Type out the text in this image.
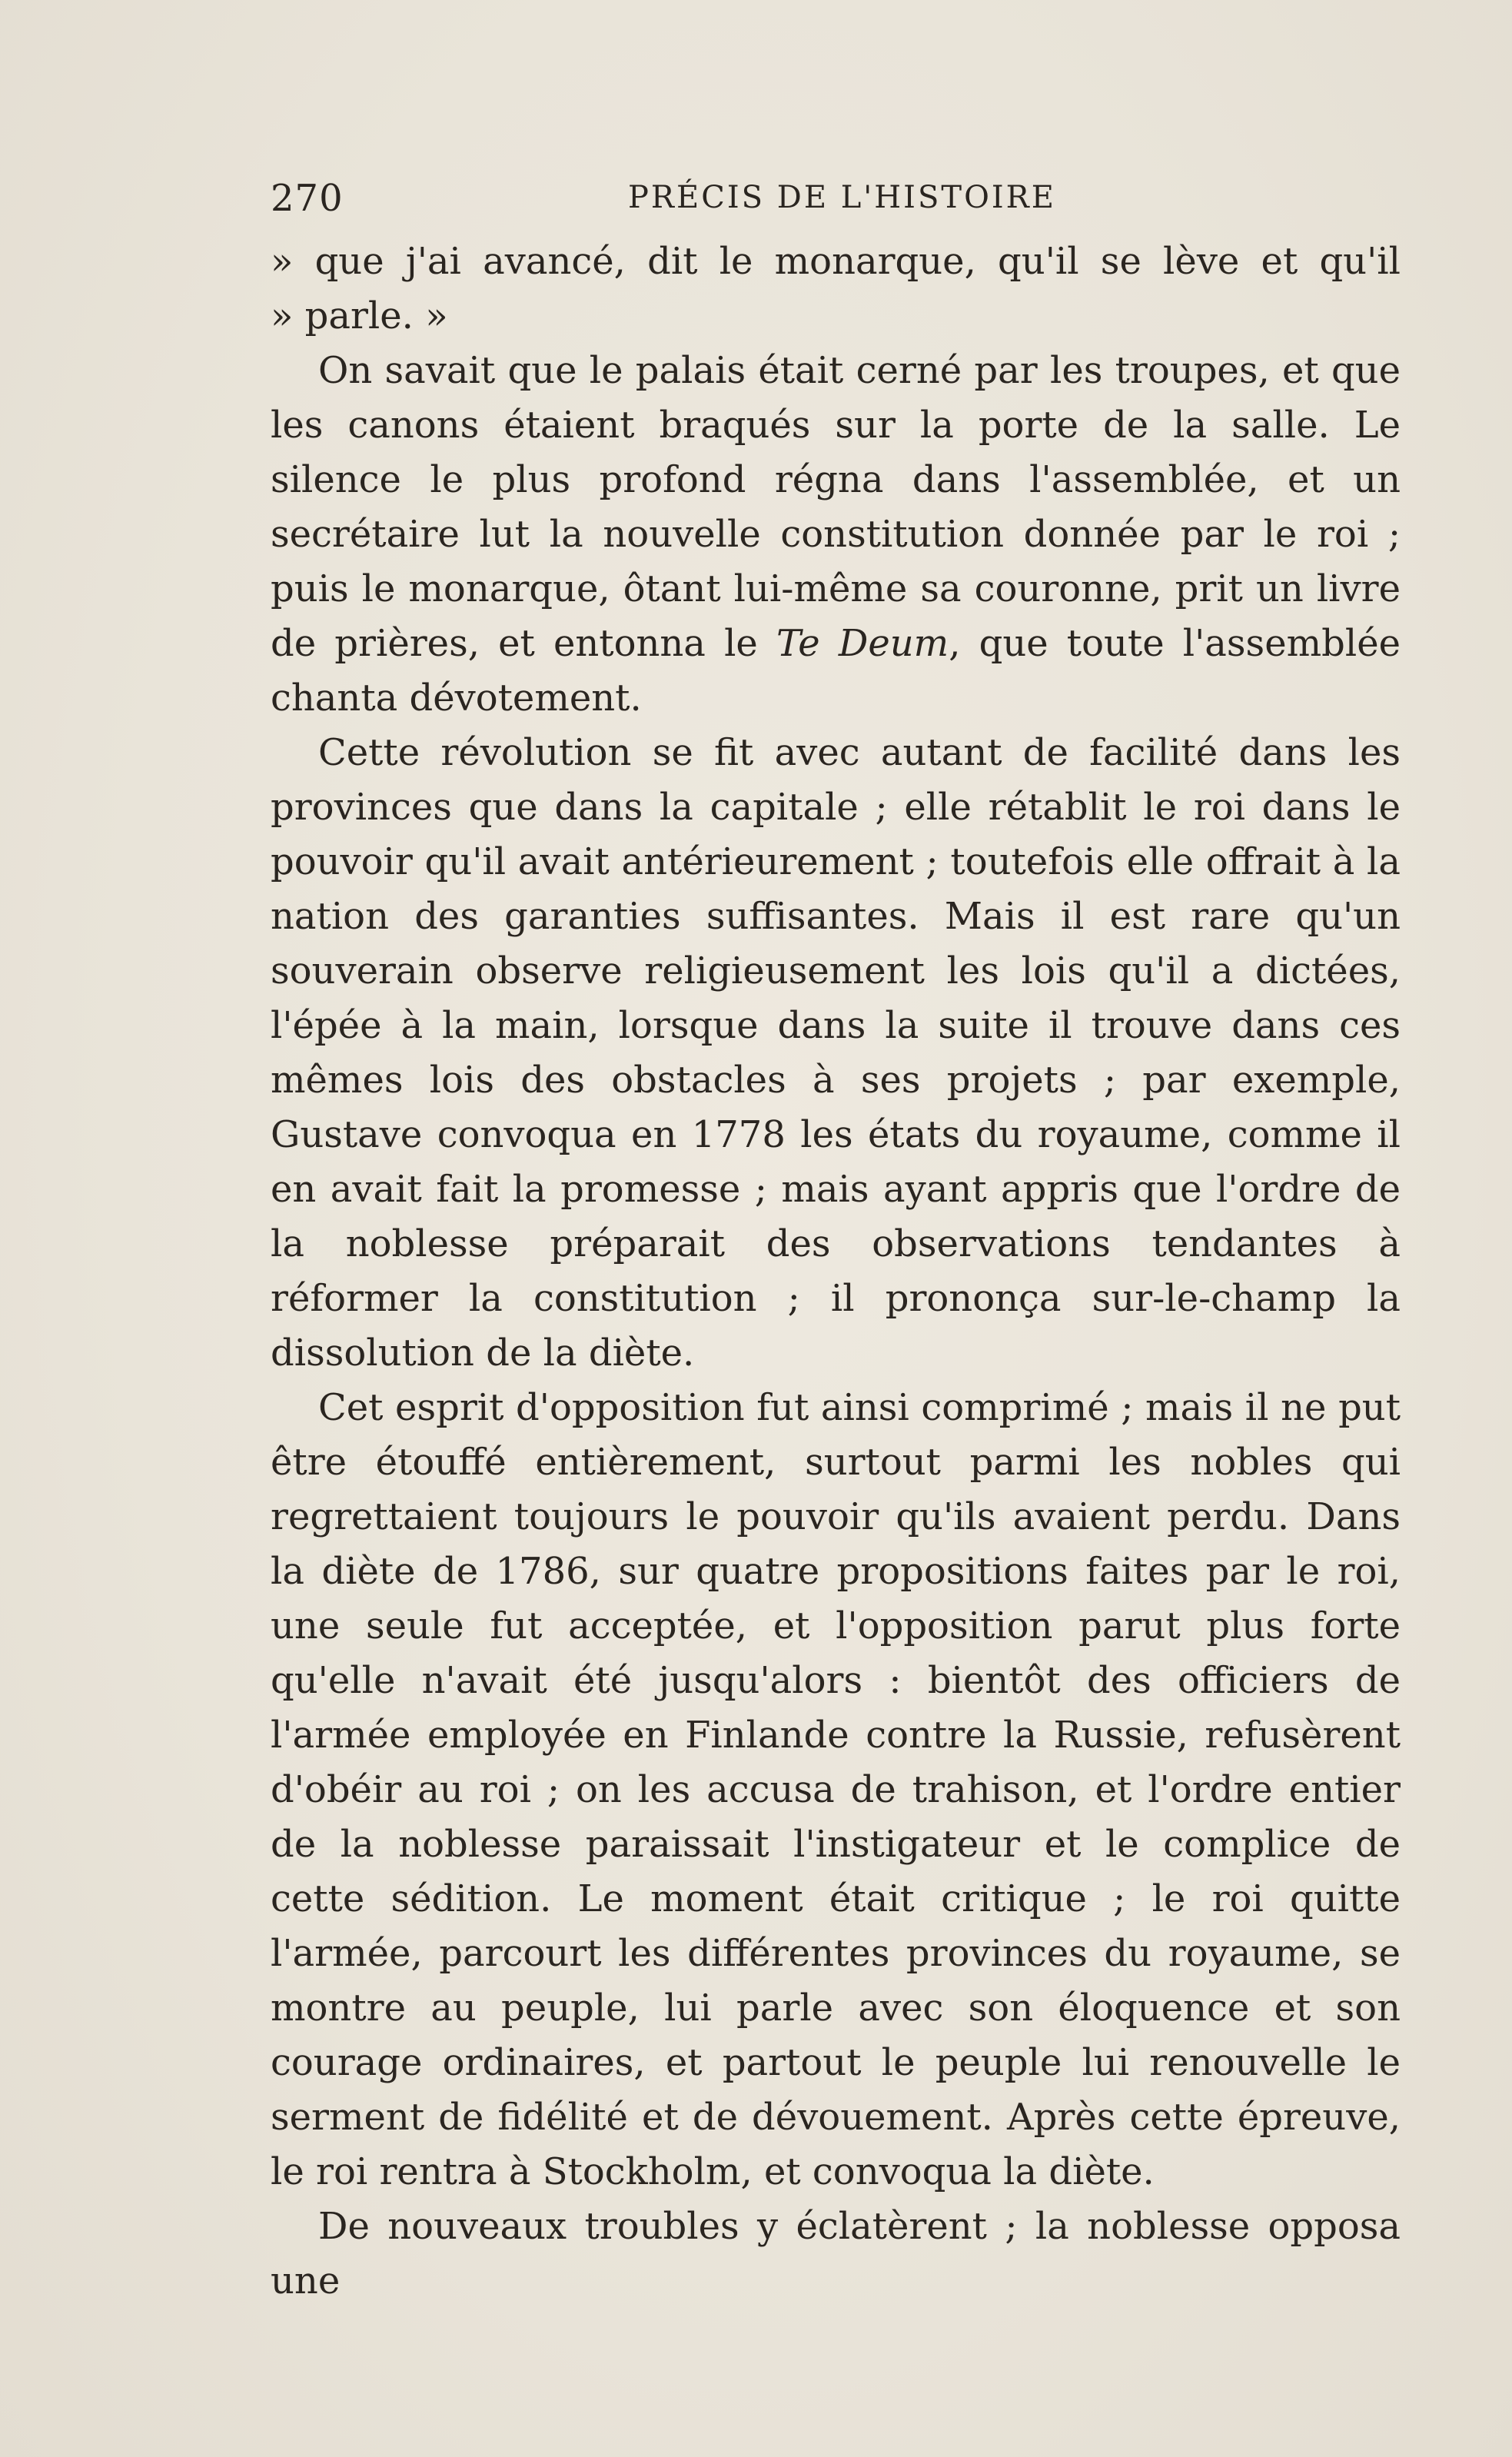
270	PRÉCIS DE L'HISTOIRE

» que j'ai avancé, dit le monarque, qu'il se lève et qu'il

» parle. »

On savait que le palais était cerné par les troupes, et que les canons étaient braqués sur la porte de la salle. Le silence le plus profond régna dans l'assemblée, et un secrétaire lut la nouvelle constitution donnée par le roi ; puis le monarque, ôtant lui-même sa couronne, prit un livre de prières, et entonna le Te Deum, que toute l'assemblée chanta dévotement.

Cette révolution se fit avec autant de facilité dans les provinces que dans la capitale ; elle rétablit le roi dans le pouvoir qu'il avait antérieurement ; toutefois elle offrait à la nation des garanties suffisantes. Mais il est rare qu'un souverain observe religieusement les lois qu'il a dictées, l'épée à la main, lorsque dans la suite il trouve dans ces mêmes lois des obstacles à ses projets ; par exemple, Gustave convoqua en 1778 les états du royaume, comme il en avait fait la promesse ; mais ayant appris que l'ordre de la noblesse préparait des observations tendantes à réformer la constitution ; il prononça sur-le-champ la dissolution de la diète.

Cet esprit d'opposition fut ainsi comprimé ; mais il ne put être étouffé entièrement, surtout parmi les nobles qui regrettaient toujours le pouvoir qu'ils avaient perdu. Dans la diète de 1786, sur quatre propositions faites par le roi, une seule fut acceptée, et l'opposition parut plus forte qu'elle n'avait été jusqu'alors : bientôt des officiers de l'armée employée en Finlande contre la Russie, refusèrent d'obéir au roi ; on les accusa de trahison, et l'ordre entier de la noblesse paraissait l'instigateur et le complice de cette sédition. Le moment était critique ; le roi quitte l'armée, parcourt les différentes provinces du royaume, se montre au peuple, lui parle avec son éloquence et son courage ordinaires, et partout le peuple lui renouvelle le serment de fidélité et de dévouement. Après cette épreuve, le roi rentra à Stockholm, et convoqua la diète.

De nouveaux troubles y éclatèrent ; la noblesse opposa une
